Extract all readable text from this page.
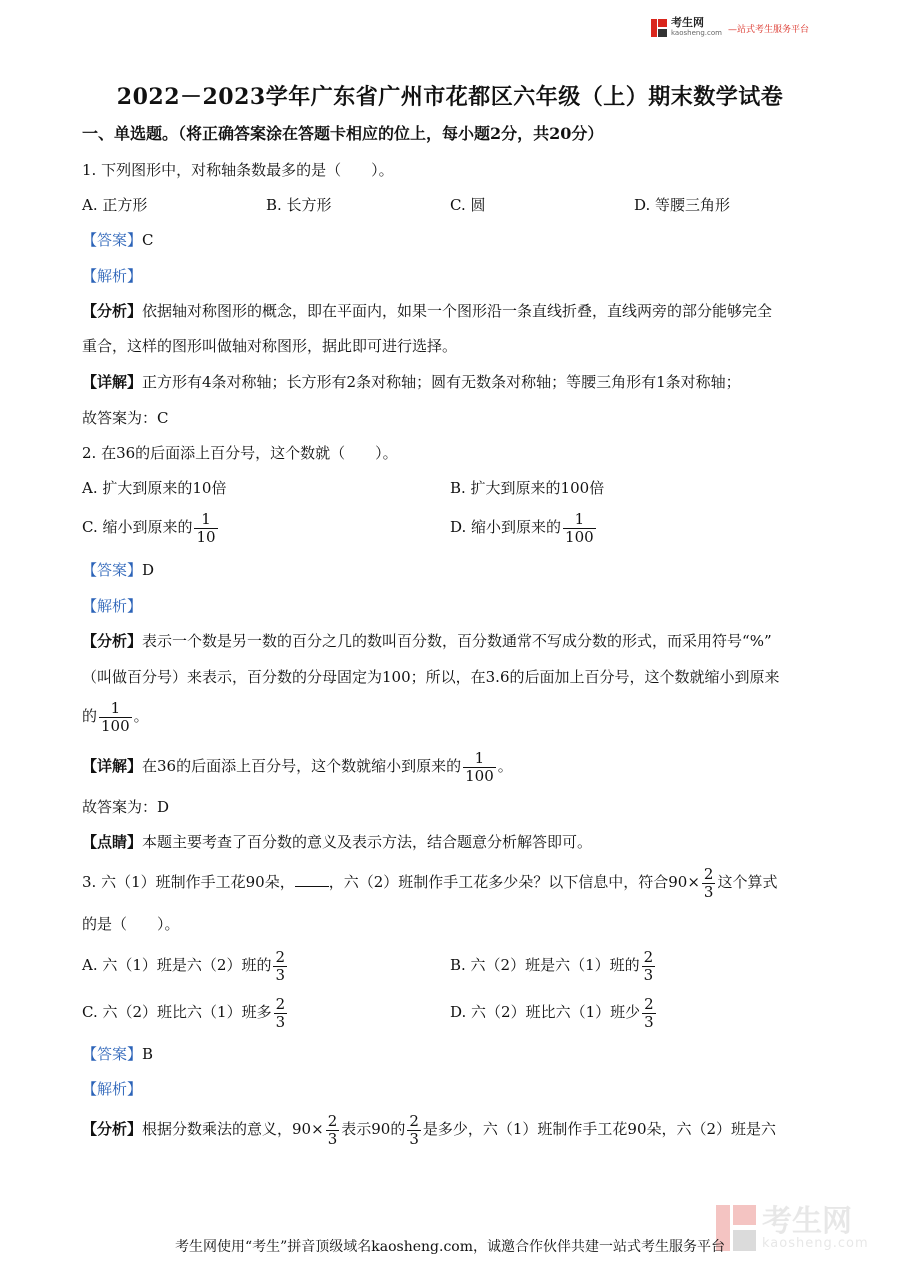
考生网
kaosheng.com —站式考生服务平台
2022－2023学年广东省广州市花都区六年级（上）期末数学试卷
一、单选题。（将正确答案涂在答题卡相应的位上，每小题2分，共20分）
1. 下列图形中，对称轴条数最多的是（　　）。
A. 正方形	B. 长方形	C. 圆	D. 等腰三角形
【答案】C
【解析】
【分析】依据轴对称图形的概念，即在平面内，如果一个图形沿一条直线折叠，直线两旁的部分能够完全
重合，这样的图形叫做轴对称图形，据此即可进行选择。
【详解】正方形有4条对称轴；长方形有2条对称轴；圆有无数条对称轴；等腰三角形有1条对称轴；
故答案为：C
2. 在36的后面添上百分号，这个数就（　　）。
A. 扩大到原来的10倍	B. 扩大到原来的100倍
C. 缩小到原来的 $\frac{1}{10}$	D. 缩小到原来的 $\frac{1}{100}$
【答案】D
【解析】
【分析】表示一个数是另一数的百分之几的数叫百分数，百分数通常不写成分数的形式，而采用符号“%”
（叫做百分号）来表示，百分数的分母固定为100；所以，在3.6的后面加上百分号，这个数就缩小到原来
的 $\frac{1}{100}$ 。
【详解】在36的后面添上百分号，这个数就缩小到原来的 $\frac{1}{100}$ 。
故答案为：D
【点睛】本题主要考查了百分数的意义及表示方法，结合题意分析解答即可。
3. 六（1）班制作手工花90朵， ，六（2）班制作手工花多少朵？以下信息中，符合$90\times \frac{2}{3}$ 这个算式
的是（　　）。
A. 六（1）班是六（2）班的 $\frac{2}{3}$	B. 六（2）班是六（1）班的 $\frac{2}{3}$
C. 六（2）班比六（1）班多 $\frac{2}{3}$	D. 六（2）班比六（1）班少 $\frac{2}{3}$
【答案】B
【解析】
【分析】根据分数乘法的意义，$90\times \frac{2}{3}$ 表示90的 $\frac{2}{3}$ 是多少，六（1）班制作手工花90朵，六（2）班是六
考生网
kaosheng.com
考生网使用“考生”拼音顶级域名kaosheng.com，诚邀合作伙伴共建一站式考生服务平台
